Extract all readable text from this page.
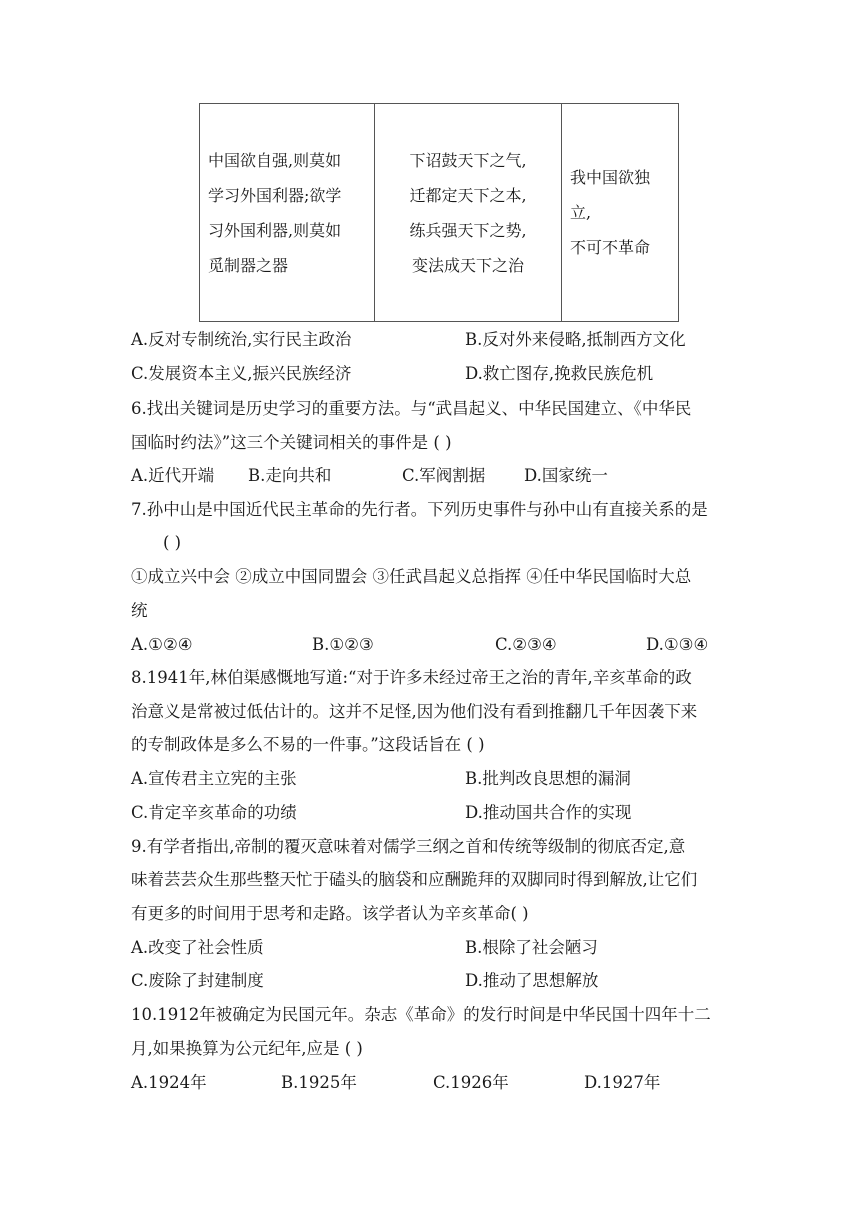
中国欲自强,则莫如
学习外国利器;欲学
习外国利器,则莫如
觅制器之器

下诏鼓天下之气,
迁都定天下之本,
练兵强天下之势,
变法成天下之治

我中国欲独
立,
不可不革命
A.反对专制统治,实行民主政治	B.反对外来侵略,抵制西方文化
C.发展资本主义,振兴民族经济	D.救亡图存,挽救民族危机
6.找出关键词是历史学习的重要方法。与“武昌起义、中华民国建立、《中华民
国临时约法》”这三个关键词相关的事件是 ( )
A.近代开端 B.走向共和	C.军阀割据 D.国家统一
7.孙中山是中国近代民主革命的先行者。下列历史事件与孙中山有直接关系的是
( )
①成立兴中会 ②成立中国同盟会 ③任武昌起义总指挥 ④任中华民国临时大总
统
A.①②④	B.①②③	C.②③④	D.①③④
8.1941年,林伯渠感慨地写道:“对于许多未经过帝王之治的青年,辛亥革命的政
治意义是常被过低估计的。这并不足怪,因为他们没有看到推翻几千年因袭下来
的专制政体是多么不易的一件事。”这段话旨在 ( )
A.宣传君主立宪的主张	B.批判改良思想的漏洞
C.肯定辛亥革命的功绩	D.推动国共合作的实现
9.有学者指出,帝制的覆灭意味着对儒学三纲之首和传统等级制的彻底否定,意
味着芸芸众生那些整天忙于磕头的脑袋和应酬跪拜的双脚同时得到解放,让它们
有更多的时间用于思考和走路。该学者认为辛亥革命( )
A.改变了社会性质	B.根除了社会陋习
C.废除了封建制度	D.推动了思想解放
10.1912年被确定为民国元年。杂志《革命》的发行时间是中华民国十四年十二
月,如果换算为公元纪年,应是 ( )
A.1924年	B.1925年	C.1926年	D.1927年
